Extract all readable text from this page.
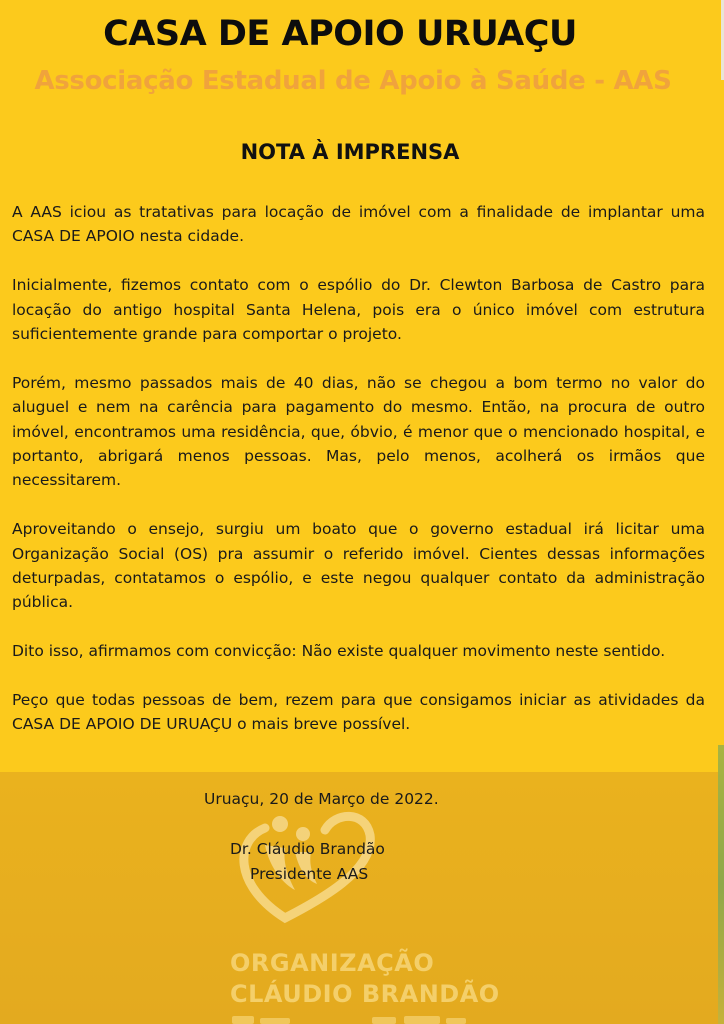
CASA DE APOIO URUAÇU
Associação Estadual de Apoio à Saúde - AAS
NOTA À IMPRENSA

A AAS iciou as tratativas para locação de imóvel com a finalidade de implantar uma CASA DE APOIO nesta cidade.

Inicialmente, fizemos contato com o espólio do Dr. Clewton Barbosa de Castro para locação do antigo hospital Santa Helena, pois era o único imóvel com estrutura suficientemente grande para comportar o projeto.

Porém, mesmo passados mais de 40 dias, não se chegou a bom termo no valor do aluguel e nem na carência para pagamento do mesmo. Então, na procura de outro imóvel, encontramos uma residência, que, óbvio, é menor que o mencionado hospital, e portanto, abrigará menos pessoas. Mas, pelo menos, acolherá os irmãos que necessitarem.

Aproveitando o ensejo, surgiu um boato que o governo estadual irá licitar uma Organização Social (OS) pra assumir o referido imóvel. Cientes dessas informações deturpadas, contatamos o espólio, e este negou qualquer contato da administração pública.

Dito isso, afirmamos com convicção: Não existe qualquer movimento neste sentido.

Peço que todas pessoas de bem, rezem para que consigamos iniciar as atividades da CASA DE APOIO DE URUAÇU o mais breve possível.

Uruaçu, 20 de Março de 2022.
Dr. Cláudio Brandão
Presidente AAS
ORGANIZAÇÃO
CLÁUDIO BRANDÃO
